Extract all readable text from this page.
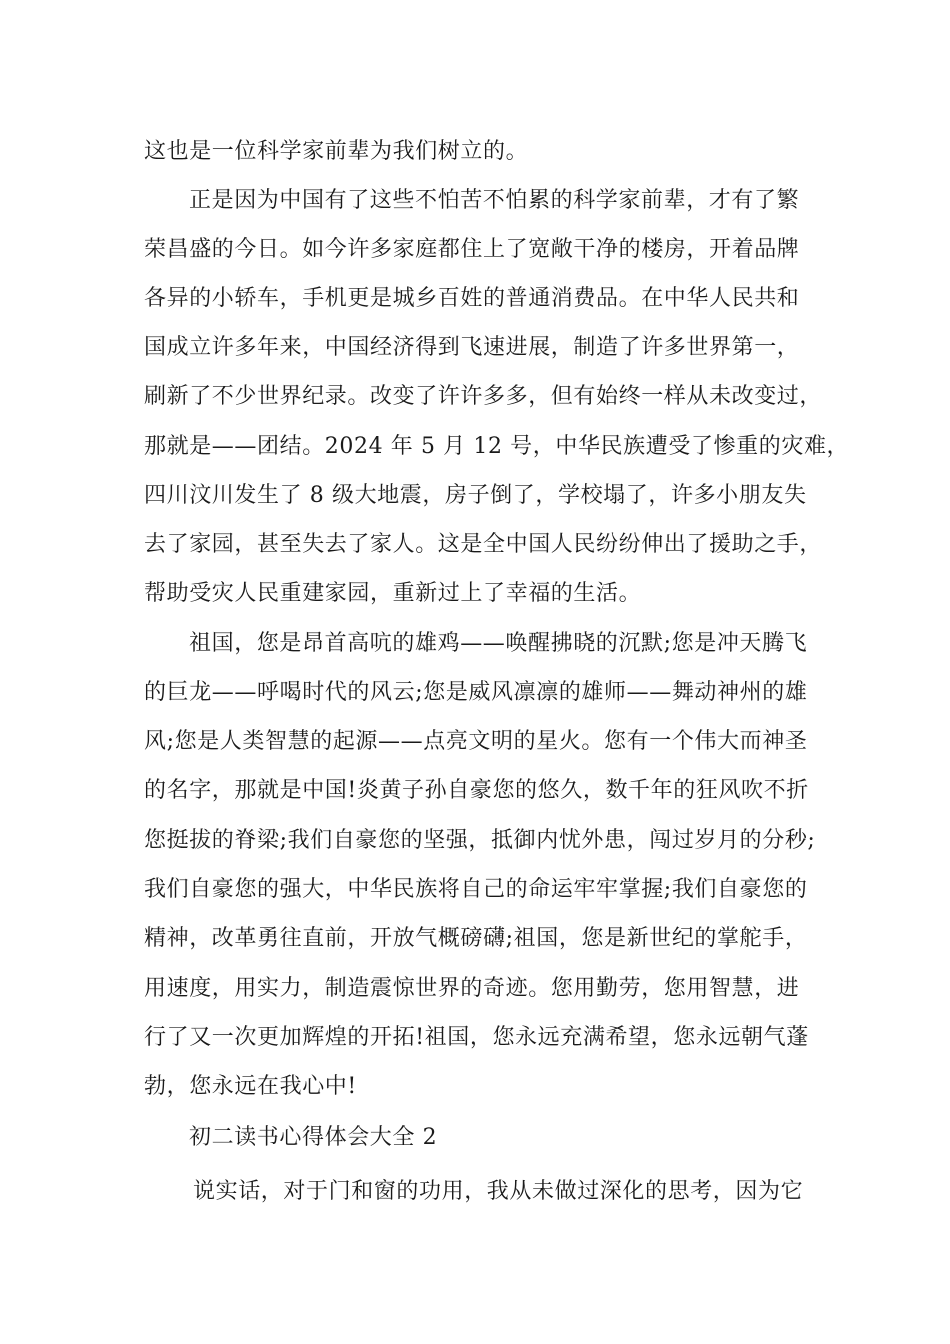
这也是一位科学家前辈为我们树立的。
正是因为中国有了这些不怕苦不怕累的科学家前辈，才有了繁
荣昌盛的今日。如今许多家庭都住上了宽敞干净的楼房，开着品牌
各异的小轿车，手机更是城乡百姓的普通消费品。在中华人民共和
国成立许多年来，中国经济得到飞速进展，制造了许多世界第一，
刷新了不少世界纪录。改变了许许多多，但有始终一样从未改变过，
那就是——团结。2024 年 5 月 12 号，中华民族遭受了惨重的灾难，
四川汶川发生了 8 级大地震，房子倒了，学校塌了，许多小朋友失
去了家园，甚至失去了家人。这是全中国人民纷纷伸出了援助之手，
帮助受灾人民重建家园，重新过上了幸福的生活。
祖国，您是昂首高吭的雄鸡——唤醒拂晓的沉默;您是冲天腾飞
的巨龙——呼喝时代的风云;您是威风凛凛的雄师——舞动神州的雄
风;您是人类智慧的起源——点亮文明的星火。您有一个伟大而神圣
的名字，那就是中国!炎黄子孙自豪您的悠久，数千年的狂风吹不折
您挺拔的脊梁;我们自豪您的坚强，抵御内忧外患，闯过岁月的分秒;
我们自豪您的强大，中华民族将自己的命运牢牢掌握;我们自豪您的
精神，改革勇往直前，开放气概磅礴;祖国，您是新世纪的掌舵手，
用速度，用实力，制造震惊世界的奇迹。您用勤劳，您用智慧，进
行了又一次更加辉煌的开拓!祖国，您永远充满希望，您永远朝气蓬
勃，您永远在我心中!
初二读书心得体会大全 2
说实话，对于门和窗的功用，我从未做过深化的思考，因为它
